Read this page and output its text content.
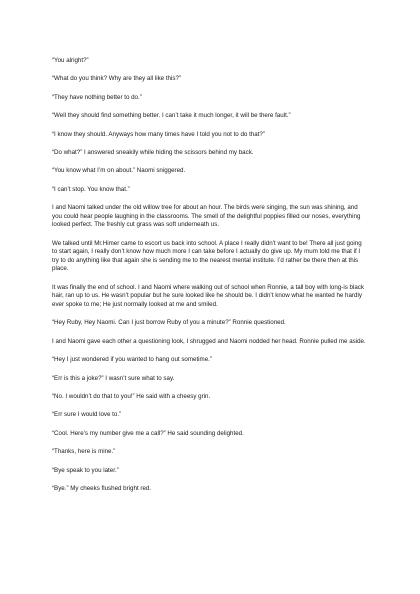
“You alright?”

“What do you think? Why are they all like this?”

“They have nothing better to do.”

“Well they should find something better. I can’t take it much longer, it will be there fault.”

“I know they should. Anyways how many times have I told you not to do that?”

“Do what?” I answered sneakily while hiding the scissors behind my back.

“You know what I’m on about.” Naomi sniggered.

“I can’t stop. You know that.”

I and Naomi talked under the old willow tree for about an hour. The birds were singing, the sun was shining, and you could hear people laughing in the classrooms. The smell of the delightful poppies filled our noses, everything looked perfect. The freshly cut grass was soft underneath us.

We talked until Mr.Himer came to escort us back into school. A place I really didn’t want to be! There all just going to start again, I really don’t know how much more I can take before I actually do give up. My mum told me that if I try to do anything like that again she is sending me to the nearest mental institute. I’d rather be there then at this place.

It was finally the end of school. I and Naomi where walking out of school when Ronnie, a tall boy with long-is black hair, ran up to us. He wasn’t popular but he sure looked like he should be. I didn’t know what he wanted he hardly ever spoke to me; He just normally looked at me and smiled.

“Hey Ruby, Hey Naomi. Can I just borrow Ruby of you a minute?” Ronnie questioned.

I and Naomi gave each other a questioning look, I shrugged and Naomi nodded her head. Ronnie pulled me aside.

“Hey I just wondered if you wanted to hang out sometime.”

“Err is this a joke?” I wasn’t sure what to say.

“No. I wouldn’t do that to you!” He said with a cheesy grin.

“Err sure I would love to.”

“Cool. Here’s my number give me a call?” He said sounding delighted.

“Thanks, here is mine.”

“Bye speak to you later.”

“Bye.” My cheeks flushed bright red.
